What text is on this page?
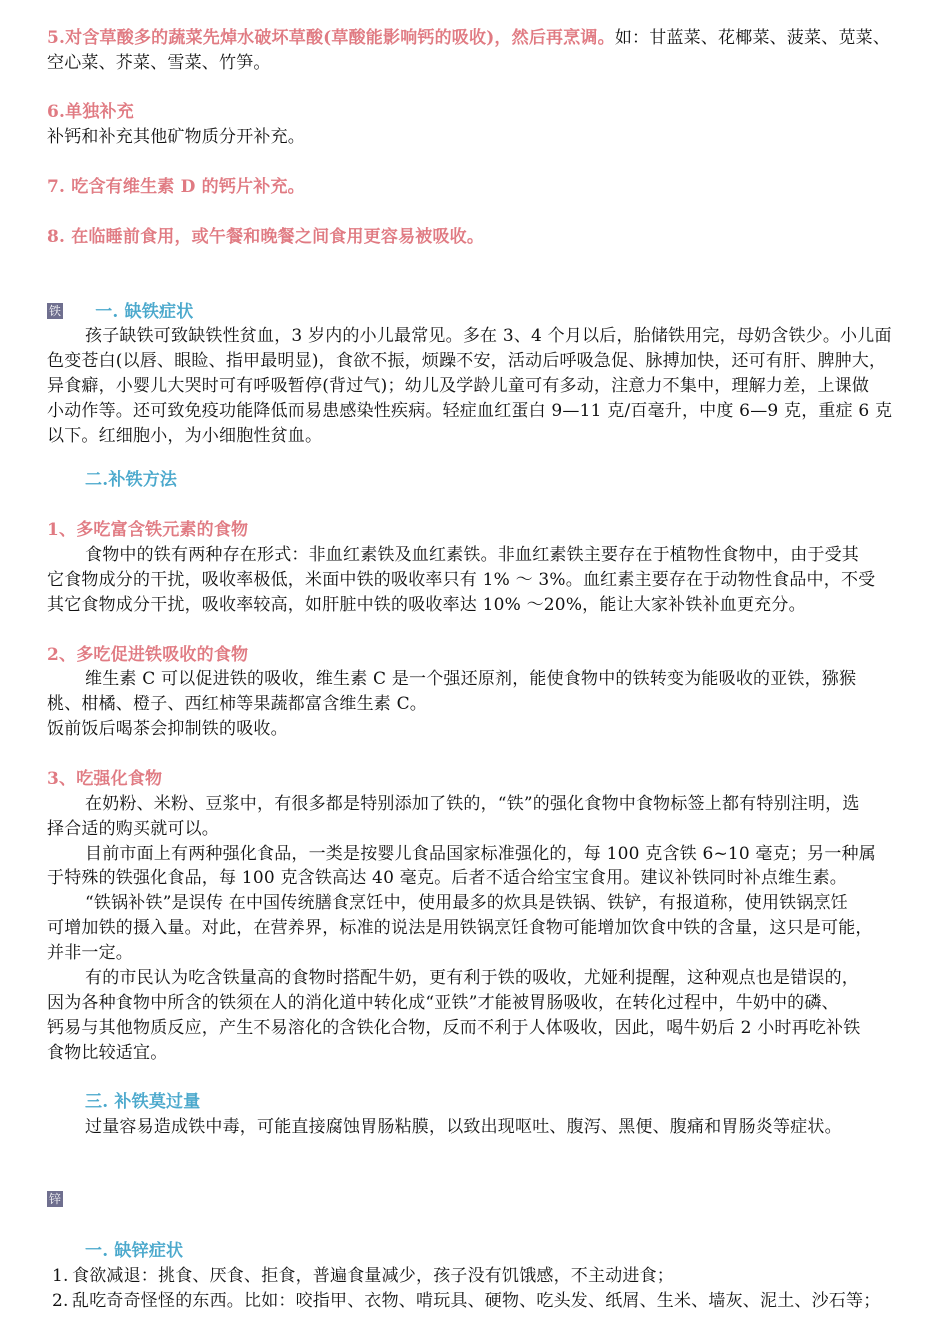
5.对含草酸多的蔬菜先焯水破坏草酸(草酸能影响钙的吸收)，然后再烹调。如：甘蓝菜、花椰菜、菠菜、苋菜、
空心菜、芥菜、雪菜、竹笋。
6.单独补充
补钙和补充其他矿物质分开补充。
7. 吃含有维生素 D 的钙片补充。
8. 在临睡前食用，或午餐和晚餐之间食用更容易被吸收。
铁 一. 缺铁症状
孩子缺铁可致缺铁性贫血，3 岁内的小儿最常见。多在 3、4 个月以后，胎储铁用完，母奶含铁少。小儿面
色变苍白(以唇、眼睑、指甲最明显)，食欲不振，烦躁不安，活动后呼吸急促、脉搏加快，还可有肝、脾肿大，
异食癖，小婴儿大哭时可有呼吸暂停(背过气)；幼儿及学龄儿童可有多动，注意力不集中，理解力差，上课做
小动作等。还可致免疫功能降低而易患感染性疾病。轻症血红蛋白 9—11 克/百毫升，中度 6—9 克，重症 6 克
以下。红细胞小，为小细胞性贫血。
二.补铁方法
1、多吃富含铁元素的食物
食物中的铁有两种存在形式：非血红素铁及血红素铁。非血红素铁主要存在于植物性食物中，由于受其
它食物成分的干扰，吸收率极低，米面中铁的吸收率只有 1% ～ 3%。血红素主要存在于动物性食品中，不受
其它食物成分干扰，吸收率较高，如肝脏中铁的吸收率达 10% ～20%，能让大家补铁补血更充分。
2、多吃促进铁吸收的食物
维生素 C 可以促进铁的吸收，维生素 C 是一个强还原剂，能使食物中的铁转变为能吸收的亚铁，猕猴
桃、柑橘、橙子、西红柿等果蔬都富含维生素 C。
饭前饭后喝茶会抑制铁的吸收。
3、吃强化食物
在奶粉、米粉、豆浆中，有很多都是特别添加了铁的，“铁”的强化食物中食物标签上都有特别注明，选
择合适的购买就可以。
目前市面上有两种强化食品，一类是按婴儿食品国家标准强化的，每 100 克含铁 6~10 毫克；另一种属
于特殊的铁强化食品，每 100 克含铁高达 40 毫克。后者不适合给宝宝食用。建议补铁同时补点维生素。
“铁锅补铁”是误传 在中国传统膳食烹饪中，使用最多的炊具是铁锅、铁铲，有报道称，使用铁锅烹饪
可增加铁的摄入量。对此，在营养界，标准的说法是用铁锅烹饪食物可能增加饮食中铁的含量，这只是可能，
并非一定。
有的市民认为吃含铁量高的食物时搭配牛奶，更有利于铁的吸收，尤娅利提醒，这种观点也是错误的，
因为各种食物中所含的铁须在人的消化道中转化成“亚铁”才能被胃肠吸收，在转化过程中，牛奶中的磷、
钙易与其他物质反应，产生不易溶化的含铁化合物，反而不利于人体吸收，因此，喝牛奶后 2 小时再吃补铁
食物比较适宜。
三. 补铁莫过量
过量容易造成铁中毒，可能直接腐蚀胃肠粘膜，以致出现呕吐、腹泻、黑便、腹痛和胃肠炎等症状。
锌
一. 缺锌症状
1. 食欲减退：挑食、厌食、拒食，普遍食量减少，孩子没有饥饿感，不主动进食；
2. 乱吃奇奇怪怪的东西。比如：咬指甲、衣物、啃玩具、硬物、吃头发、纸屑、生米、墙灰、泥土、沙石等；
